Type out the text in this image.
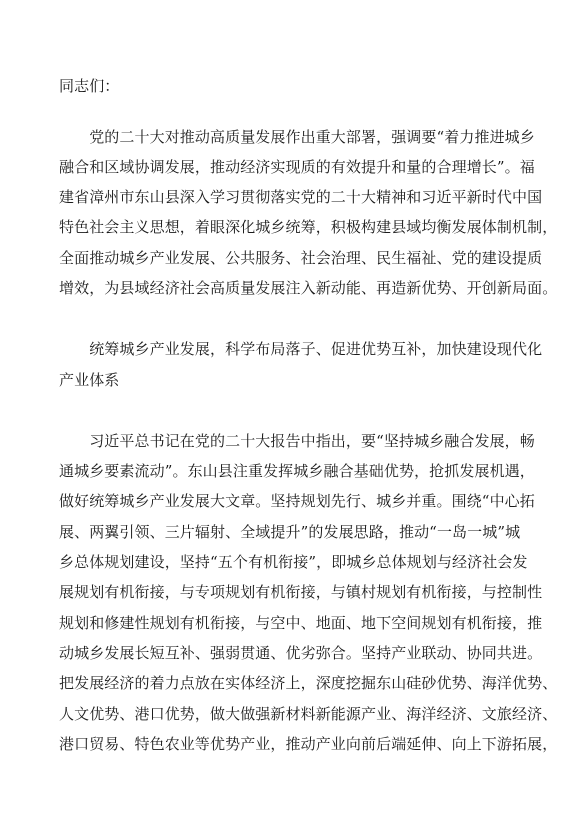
同志们：
　　党的二十大对推动高质量发展作出重大部署，强调要“着力推进城乡
融合和区域协调发展，推动经济实现质的有效提升和量的合理增长”。福
建省漳州市东山县深入学习贯彻落实党的二十大精神和习近平新时代中国
特色社会主义思想，着眼深化城乡统筹，积极构建县域均衡发展体制机制，
全面推动城乡产业发展、公共服务、社会治理、民生福祉、党的建设提质
增效，为县域经济社会高质量发展注入新动能、再造新优势、开创新局面。
　　统筹城乡产业发展，科学布局落子、促进优势互补，加快建设现代化
产业体系
　　习近平总书记在党的二十大报告中指出，要“坚持城乡融合发展，畅
通城乡要素流动”。东山县注重发挥城乡融合基础优势，抢抓发展机遇，
做好统筹城乡产业发展大文章。坚持规划先行、城乡并重。围绕“中心拓
展、两翼引领、三片辐射、全域提升”的发展思路，推动“一岛一城”城
乡总体规划建设，坚持“五个有机衔接”，即城乡总体规划与经济社会发
展规划有机衔接，与专项规划有机衔接，与镇村规划有机衔接，与控制性
规划和修建性规划有机衔接，与空中、地面、地下空间规划有机衔接，推
动城乡发展长短互补、强弱贯通、优劣弥合。坚持产业联动、协同共进。
把发展经济的着力点放在实体经济上，深度挖掘东山硅砂优势、海洋优势、
人文优势、港口优势，做大做强新材料新能源产业、海洋经济、文旅经济、
港口贸易、特色农业等优势产业，推动产业向前后端延伸、向上下游拓展，
